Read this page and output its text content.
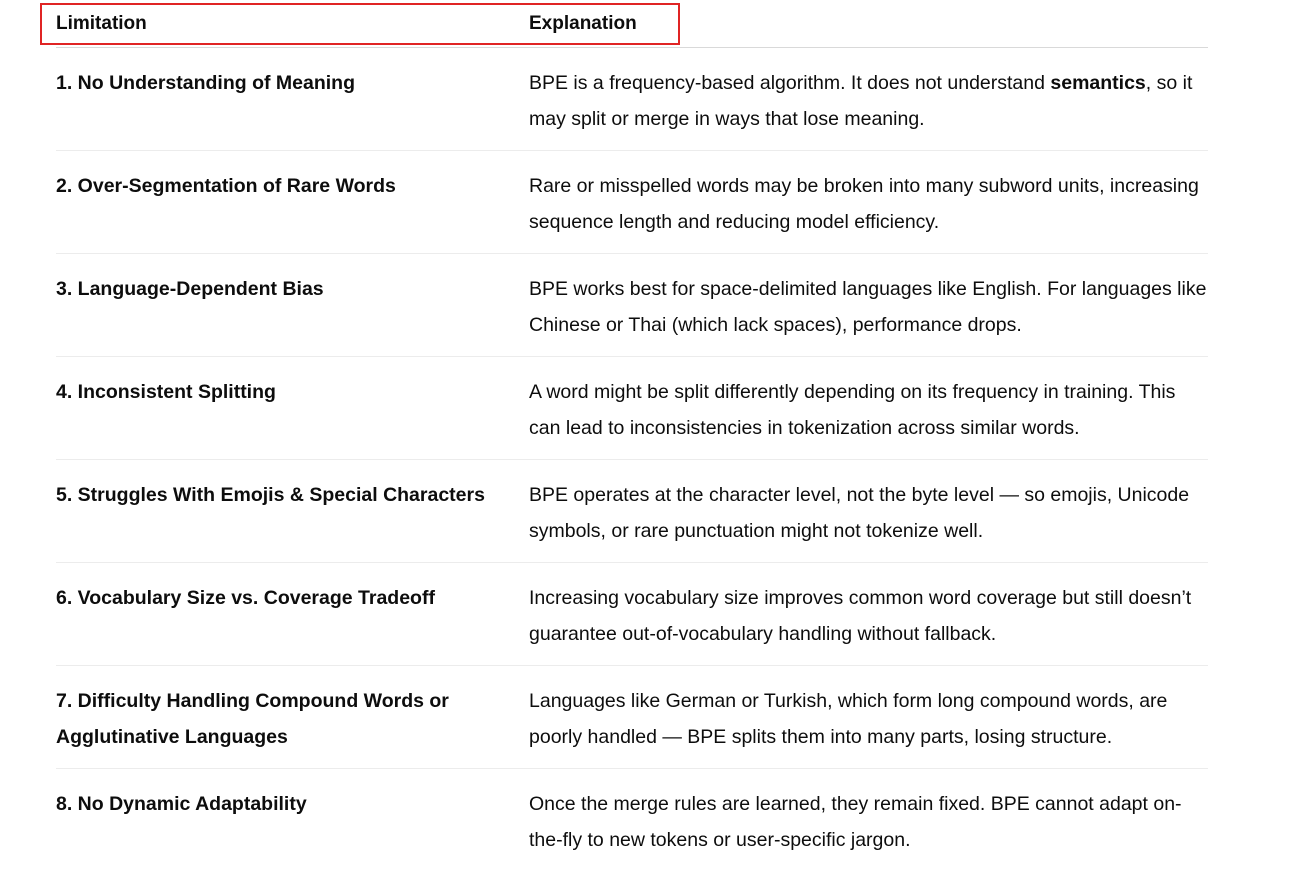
Limitation	Explanation

1. No Understanding of Meaning	BPE is a frequency-based algorithm. It does not understand semantics, so it may split or merge in ways that lose meaning.

2. Over-Segmentation of Rare Words	Rare or misspelled words may be broken into many subword units, increasing sequence length and reducing model efficiency.

3. Language-Dependent Bias	BPE works best for space-delimited languages like English. For languages like Chinese or Thai (which lack spaces), performance drops.

4. Inconsistent Splitting	A word might be split differently depending on its frequency in training. This can lead to inconsistencies in tokenization across similar words.

5. Struggles With Emojis & Special Characters	BPE operates at the character level, not the byte level — so emojis, Unicode symbols, or rare punctuation might not tokenize well.

6. Vocabulary Size vs. Coverage Tradeoff	Increasing vocabulary size improves common word coverage but still doesn’t guarantee out-of-vocabulary handling without fallback.

7. Difficulty Handling Compound Words or Agglutinative Languages	Languages like German or Turkish, which form long compound words, are poorly handled — BPE splits them into many parts, losing structure.

8. No Dynamic Adaptability	Once the merge rules are learned, they remain fixed. BPE cannot adapt on-the-fly to new tokens or user-specific jargon.
